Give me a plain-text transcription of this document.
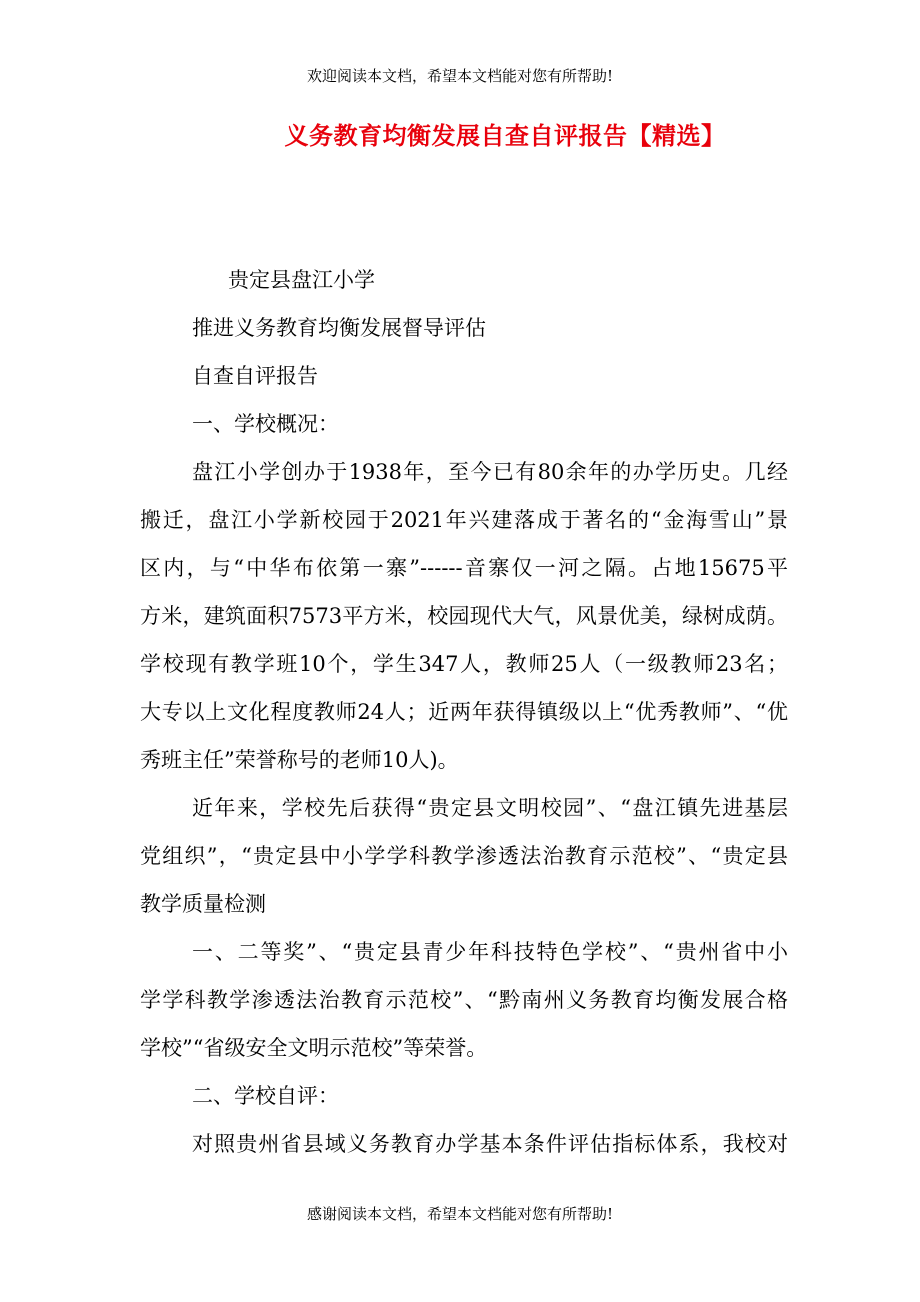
欢迎阅读本文档，希望本文档能对您有所帮助!
义务教育均衡发展自查自评报告【精选】
贵定县盘江小学
推进义务教育均衡发展督导评估
自查自评报告
一、学校概况：
盘江小学创办于1938年，至今已有80余年的办学历史。几经
搬迁，盘江小学新校园于2021年兴建落成于著名的“金海雪山”景
区内，与“中华布依第一寨”------音寨仅一河之隔。占地15675平
方米，建筑面积7573平方米，校园现代大气，风景优美，绿树成荫。
学校现有教学班10个，学生347人，教师25人（一级教师23名；
大专以上文化程度教师24人；近两年获得镇级以上“优秀教师”、“优
秀班主任”荣誉称号的老师10人)。
近年来，学校先后获得“贵定县文明校园”、“盘江镇先进基层
党组织”，“贵定县中小学学科教学渗透法治教育示范校”、“贵定县
教学质量检测
一、二等奖”、“贵定县青少年科技特色学校”、“贵州省中小
学学科教学渗透法治教育示范校”、“黔南州义务教育均衡发展合格
学校”“省级安全文明示范校”等荣誉。
二、学校自评：
对照贵州省县域义务教育办学基本条件评估指标体系，我校对
感谢阅读本文档，希望本文档能对您有所帮助!
